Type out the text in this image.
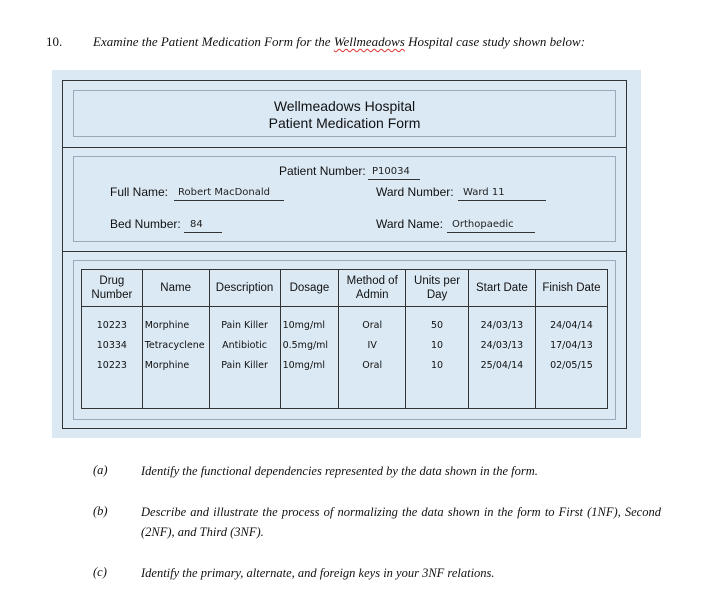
10. Examine the Patient Medication Form for the Wellmeadows Hospital case study shown below:
Wellmeadows Hospital
Patient Medication Form
Patient Number: P10034
Full Name: Robert MacDonald	Ward Number: Ward 11
Bed Number: 84	Ward Name: Orthopaedic
Drug Number	Name	Description	Dosage	Method of Admin	Units per Day	Start Date	Finish Date
10223	Morphine	Pain Killer	10mg/ml	Oral	50	24/03/13	24/04/14
10334	Tetracyclene	Antibiotic	0.5mg/ml	IV	10	24/03/13	17/04/13
10223	Morphine	Pain Killer	10mg/ml	Oral	10	25/04/14	02/05/15

(a)	Identify the functional dependencies represented by the data shown in the form.
(b)	Describe and illustrate the process of normalizing the data shown in the form to First (1NF), Second (2NF), and Third (3NF).
(c)	Identify the primary, alternate, and foreign keys in your 3NF relations.
